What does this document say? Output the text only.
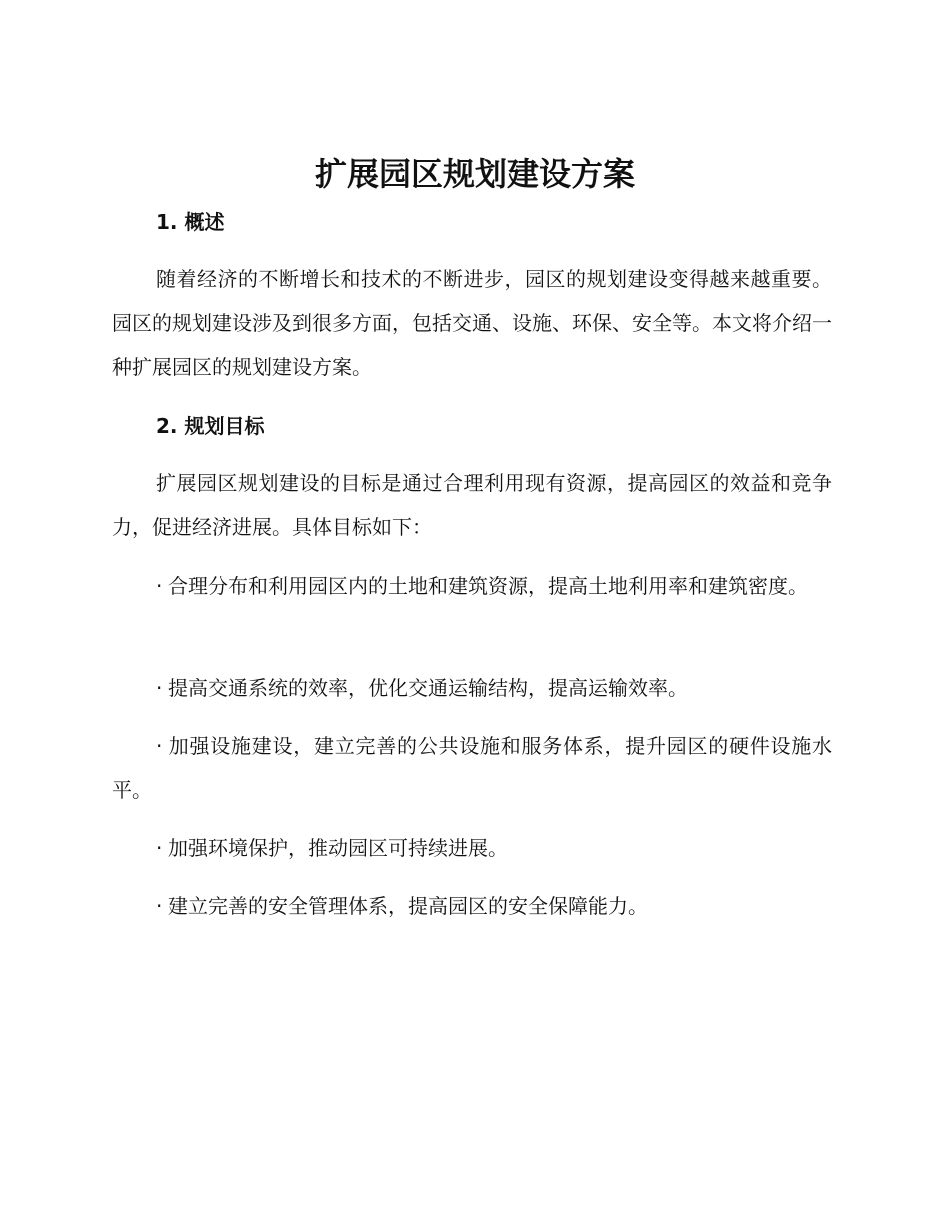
扩展园区规划建设方案
1. 概述

随着经济的不断增长和技术的不断进步，园区的规划建设变得越来越重要。园区的规划建设涉及到很多方面，包括交通、设施、环保、安全等。本文将介绍一种扩展园区的规划建设方案。

2. 规划目标

扩展园区规划建设的目标是通过合理利用现有资源，提高园区的效益和竞争力，促进经济进展。具体目标如下：

· 合理分布和利用园区内的土地和建筑资源，提高土地利用率和建筑密度。

· 提高交通系统的效率，优化交通运输结构，提高运输效率。

· 加强设施建设，建立完善的公共设施和服务体系，提升园区的硬件设施水平。

· 加强环境保护，推动园区可持续进展。

· 建立完善的安全管理体系，提高园区的安全保障能力。
